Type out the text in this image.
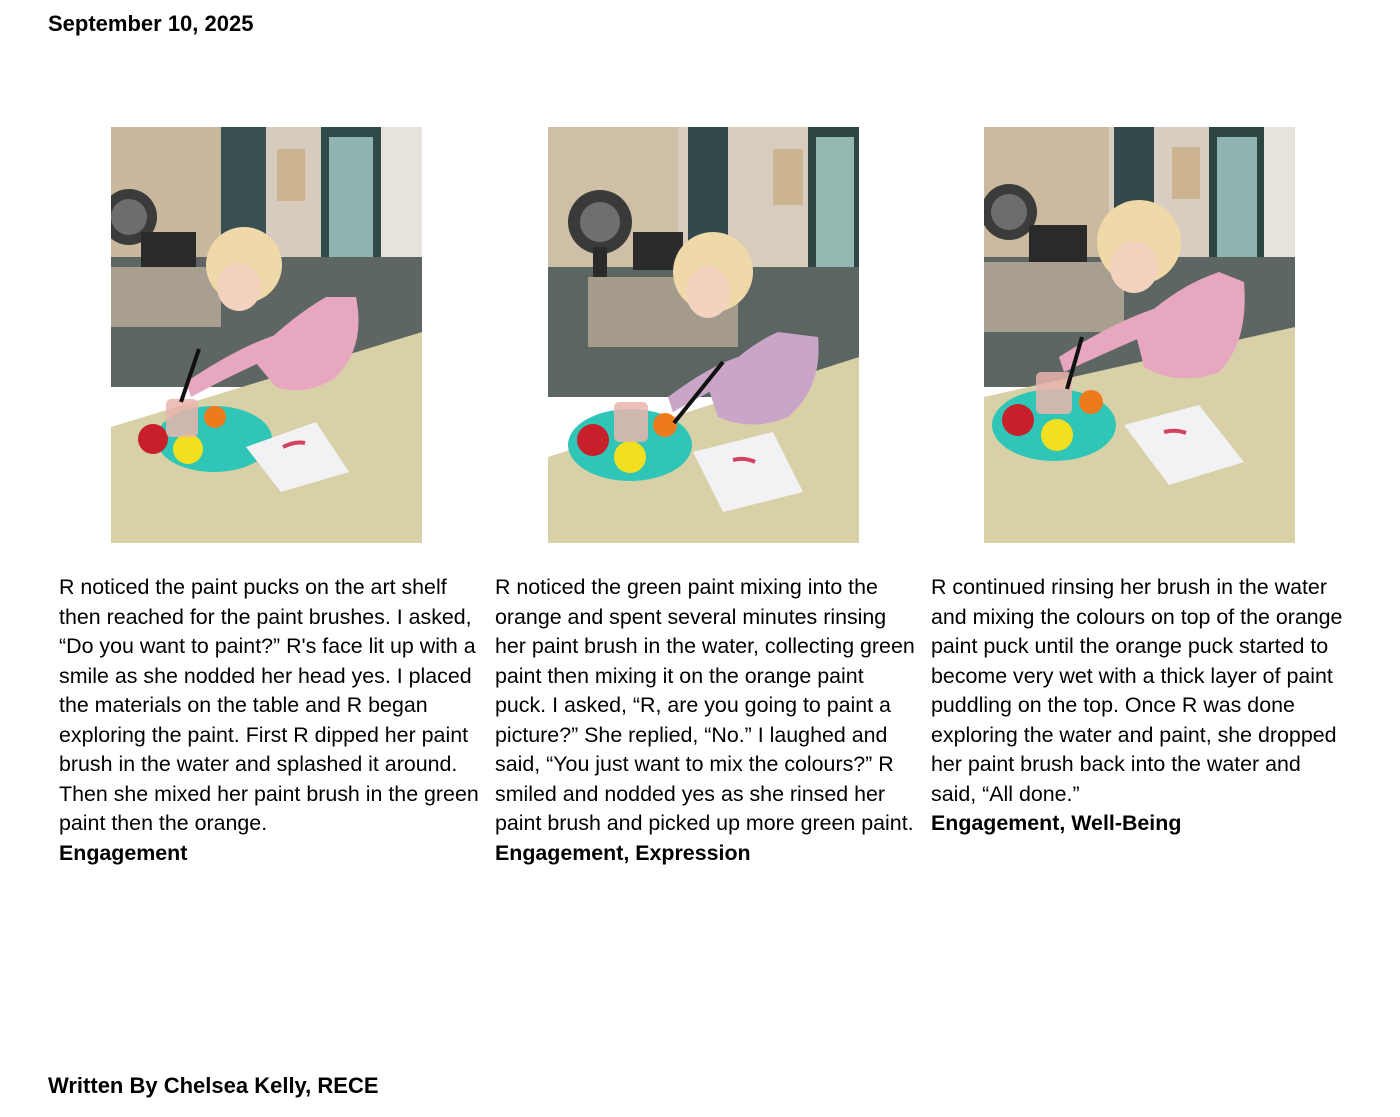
September 10, 2025
R noticed the paint pucks on the art shelf then reached for the paint brushes. I asked, “Do you want to paint?” R's face lit up with a smile as she nodded her head yes. I placed the materials on the table and R began exploring the paint. First R dipped her paint brush in the water and splashed it around. Then she mixed her paint brush in the green paint then the orange.
Engagement
R noticed the green paint mixing into the orange and spent several minutes rinsing her paint brush in the water, collecting green paint then mixing it on the orange paint puck. I asked, “R, are you going to paint a picture?” She replied, “No.” I laughed and said, “You just want to mix the colours?” R smiled and nodded yes as she rinsed her paint brush and picked up more green paint.
Engagement, Expression
R continued rinsing her brush in the water and mixing the colours on top of the orange paint puck until the orange puck started to become very wet with a thick layer of paint puddling on the top. Once R was done exploring the water and paint, she dropped her paint brush back into the water and said, “All done.”
Engagement, Well-Being
Written By Chelsea Kelly, RECE
